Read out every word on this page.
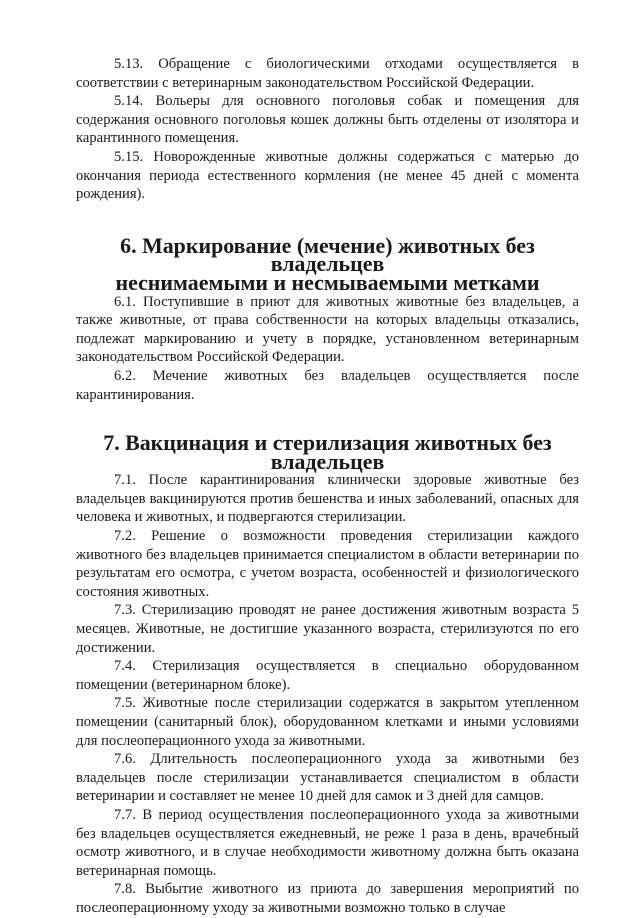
5.13. Обращение с биологическими отходами осуществляется в соответствии с ветеринарным законодательством Российской Федерации.

5.14. Вольеры для основного поголовья собак и помещения для содержания основного поголовья кошек должны быть отделены от изолятора и карантинного помещения.

5.15. Новорожденные животные должны содержаться с матерью до окончания периода естественного кормления (не менее 45 дней с момента рождения).

6. Маркирование (мечение) животных без владельцев
неснимаемыми и несмываемыми метками

6.1. Поступившие в приют для животных животные без владельцев, а также животные, от права собственности на которых владельцы отказались, подлежат маркированию и учету в порядке, установленном ветеринарным законодательством Российской Федерации.

6.2. Мечение животных без владельцев осуществляется после карантинирования.

7. Вакцинация и стерилизация животных без владельцев

7.1. После карантинирования клинически здоровые животные без владельцев вакцинируются против бешенства и иных заболеваний, опасных для человека и животных, и подвергаются стерилизации.

7.2. Решение о возможности проведения стерилизации каждого животного без владельцев принимается специалистом в области ветеринарии по результатам его осмотра, с учетом возраста, особенностей и физиологического состояния животных.

7.3. Стерилизацию проводят не ранее достижения животным возраста 5 месяцев. Животные, не достигшие указанного возраста, стерилизуются по его достижении.

7.4. Стерилизация осуществляется в специально оборудованном помещении (ветеринарном блоке).

7.5. Животные после стерилизации содержатся в закрытом утепленном помещении (санитарный блок), оборудованном клетками и иными условиями для послеоперационного ухода за животными.

7.6. Длительность послеоперационного ухода за животными без владельцев после стерилизации устанавливается специалистом в области ветеринарии и составляет не менее 10 дней для самок и 3 дней для самцов.

7.7. В период осуществления послеоперационного ухода за животными без владельцев осуществляется ежедневный, не реже 1 раза в день, врачебный осмотр животного, и в случае необходимости животному должна быть оказана ветеринарная помощь.

7.8. Выбытие животного из приюта до завершения мероприятий по послеоперационному уходу за животными возможно только в случае
